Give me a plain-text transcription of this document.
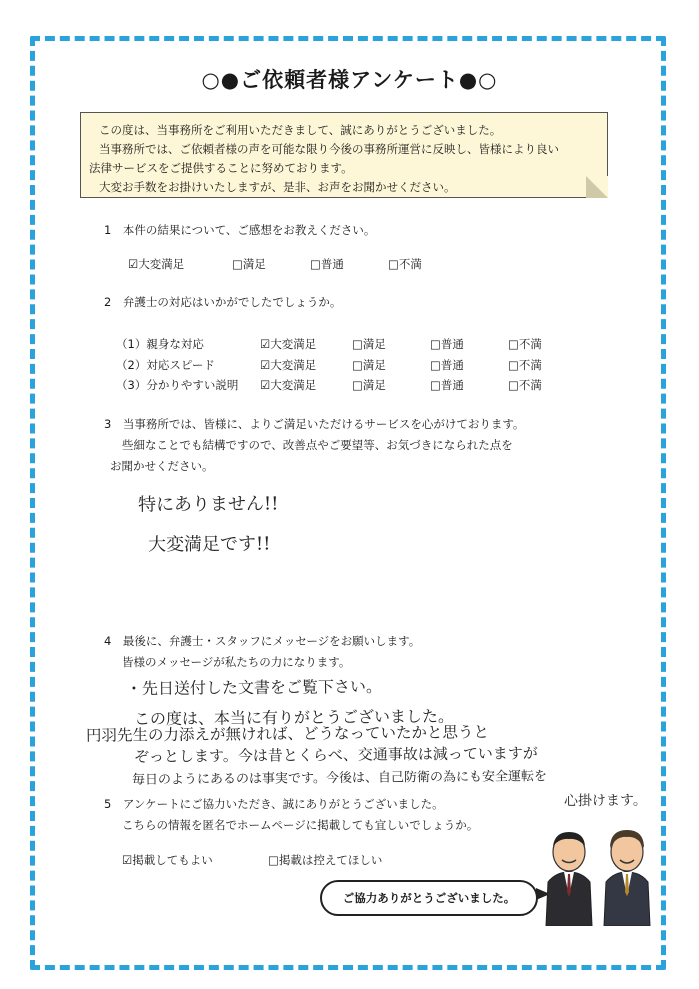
○●ご依頼者様アンケート●○
この度は、当事務所をご利用いただきまして、誠にありがとうございました。
当事務所では、ご依頼者様の声を可能な限り今後の事務所運営に反映し、皆様により良い
法律サービスをご提供することに努めております。
大変お手数をお掛けいたしますが、是非、お声をお聞かせください。
1　本件の結果について、ご感想をお教えください。
☑大変満足	□満足	□普通	□不満
2　弁護士の対応はいかがでしたでしょうか。
（1）親身な対応	☑大変満足	□満足	□普通	□不満
（2）対応スピード	☑大変満足	□満足	□普通	□不満
（3）分かりやすい説明 ☑大変満足	□満足	□普通	□不満
3　当事務所では、皆様に、よりご満足いただけるサービスを心がけております。
些細なことでも結構ですので、改善点やご要望等、お気づきになられた点を
お聞かせください。
特にありません!!
大変満足です!!
4　最後に、弁護士・スタッフにメッセージをお願いします。
皆様のメッセージが私たちの力になります。
・先日送付した文書をご覧下さい。
この度は、本当に有りがとうございました。
円羽先生の力添えが無ければ、どうなっていたかと思うと
ぞっとします。今は昔とくらべ、交通事故は減っていますが
毎日のようにあるのは事実です。今後は、自己防衛の為にも安全運転を
心掛けます。
5　アンケートにご協力いただき、誠にありがとうございました。
こちらの情報を匿名でホームページに掲載しても宜しいでしょうか。
☑掲載してもよい	□掲載は控えてほしい
ご協力ありがとうございました。
